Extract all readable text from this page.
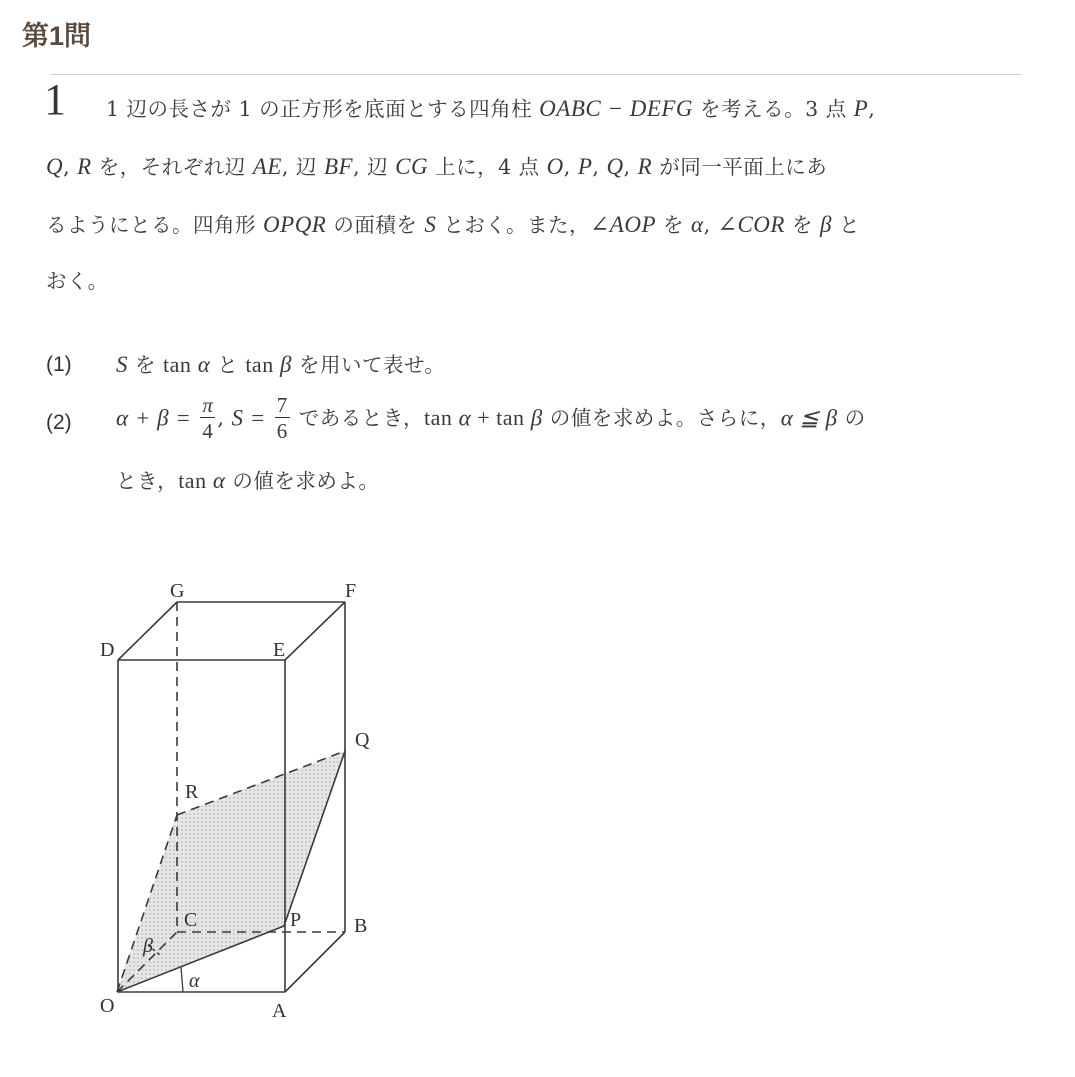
第1問
1 1 辺の長さが 1 の正方形を底面とする四角柱 OABC − DEFG を考える。3 点 P,
Q, R を，それぞれ辺 AE, 辺 BF, 辺 CG 上に，4 点 O, P, Q, R が同一平面上にあ
るようにとる。四角形 OPQR の面積を S とおく。また，∠AOP を α, ∠COR を β と
おく。
(1) S を tan α と tan β を用いて表せ。
(2) $\alpha + \beta = \frac{\pi}{4}$ , $S = \frac{7}{6}$ であるとき，tan α + tan β の値を求めよ。さらに，α ≦ β の
とき，tan α の値を求めよ。
G	F
D	E
Q
R
C	P	B
O	A
α
β
